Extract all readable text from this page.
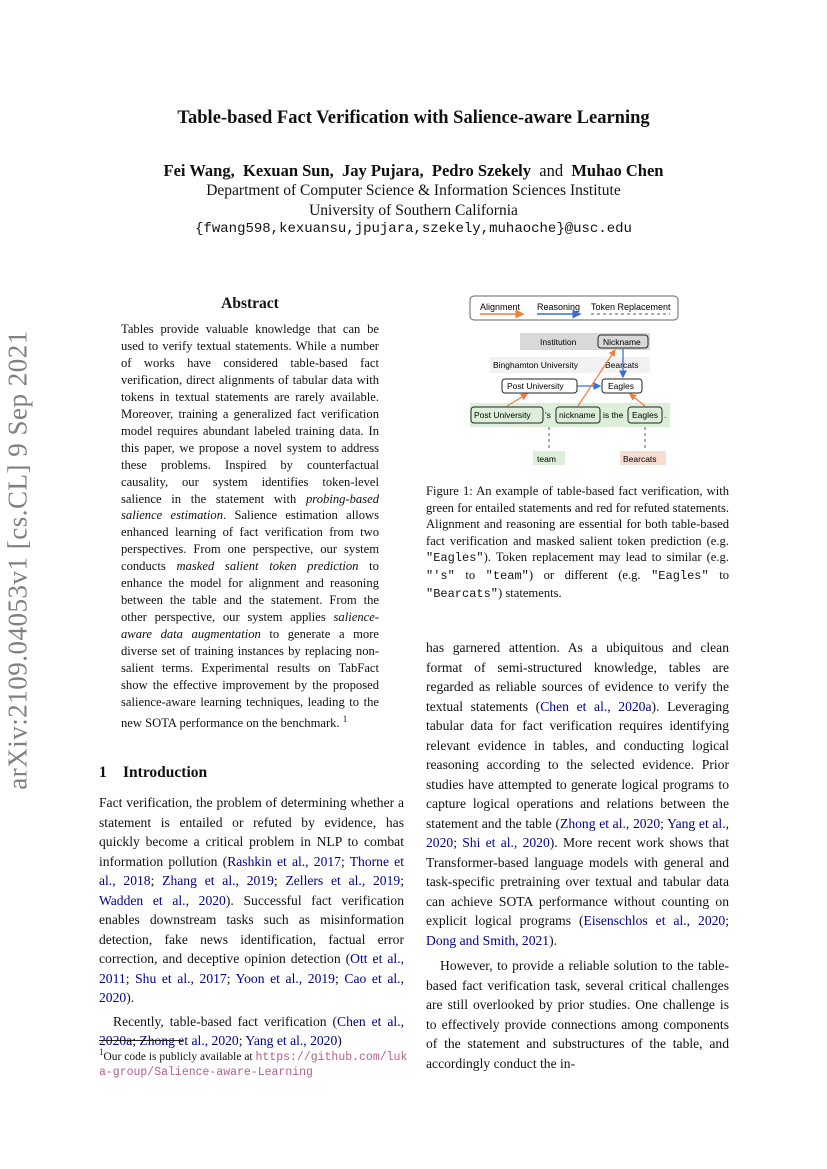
arXiv:2109.04053v1 [cs.CL] 9 Sep 2021
Table-based Fact Verification with Salience-aware Learning
Fei Wang, Kexuan Sun, Jay Pujara, Pedro Szekely and Muhao Chen
Department of Computer Science & Information Sciences Institute
University of Southern California
{fwang598,kexuansu,jpujara,szekely,muhaoche}@usc.edu
Abstract
Tables provide valuable knowledge that can be used to verify textual statements. While a number of works have considered table-based fact verification, direct alignments of tabular data with tokens in textual statements are rarely available. Moreover, training a generalized fact verification model requires abundant labeled training data. In this paper, we propose a novel system to address these problems. Inspired by counterfactual causality, our system identifies token-level salience in the statement with probing-based salience estimation. Salience estimation allows enhanced learning of fact verification from two perspectives. From one perspective, our system conducts masked salient token prediction to enhance the model for alignment and reasoning between the table and the statement. From the other perspective, our system applies salience-aware data augmentation to generate a more diverse set of training instances by replacing non-salient terms. Experimental results on TabFact show the effective improvement by the proposed salience-aware learning techniques, leading to the new SOTA performance on the benchmark. $^1$
1 Introduction

Fact verification, the problem of determining whether a statement is entailed or refuted by evidence, has quickly become a critical problem in NLP to combat information pollution (Rashkin et al., 2017; Thorne et al., 2018; Zhang et al., 2019; Zellers et al., 2019; Wadden et al., 2020). Successful fact verification enables downstream tasks such as misinformation detection, fake news identification, factual error correction, and deceptive opinion detection (Ott et al., 2011; Shu et al., 2017; Yoon et al., 2019; Cao et al., 2020).

Recently, table-based fact verification (Chen et al., 2020a; Zhong et al., 2020; Yang et al., 2020)

$^1$Our code is publicly available at https://github.com/luka-group/Salience-aware-Learning
Alignment Reasoning Token Replacement
Institution	Nickname
Binghamton University	Bearcats
Post University	Eagles
Post University 's nickname is the Eagles .
team	Bearcats
Figure 1: An example of table-based fact verification, with green for entailed statements and red for refuted statements. Alignment and reasoning are essential for both table-based fact verification and masked salient token prediction (e.g. "Eagles"). Token replacement may lead to similar (e.g. "'s" to "team") or different (e.g. "Eagles" to "Bearcats") statements.

has garnered attention. As a ubiquitous and clean format of semi-structured knowledge, tables are regarded as reliable sources of evidence to verify the textual statements (Chen et al., 2020a). Leveraging tabular data for fact verification requires identifying relevant evidence in tables, and conducting logical reasoning according to the selected evidence. Prior studies have attempted to generate logical programs to capture logical operations and relations between the statement and the table (Zhong et al., 2020; Yang et al., 2020; Shi et al., 2020). More recent work shows that Transformer-based language models with general and task-specific pretraining over textual and tabular data can achieve SOTA performance without counting on explicit logical programs (Eisenschlos et al., 2020; Dong and Smith, 2021).

However, to provide a reliable solution to the table-based fact verification task, several critical challenges are still overlooked by prior studies. One challenge is to effectively provide connections among components of the statement and substructures of the table, and accordingly conduct the in-
